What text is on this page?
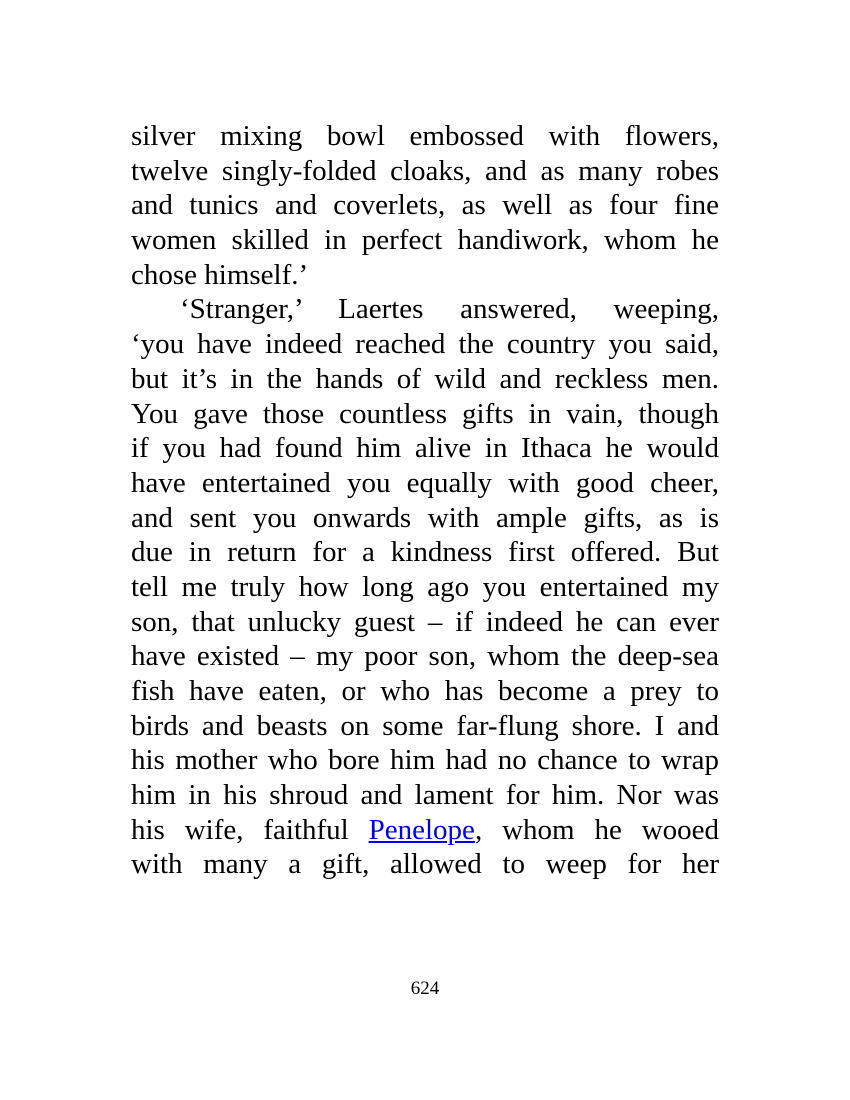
silver mixing bowl embossed with flowers,
twelve singly-folded cloaks, and as many robes
and tunics and coverlets, as well as four fine
women skilled in perfect handiwork, whom he
chose himself.’
‘Stranger,’ Laertes answered, weeping,
‘you have indeed reached the country you said,
but it’s in the hands of wild and reckless men.
You gave those countless gifts in vain, though
if you had found him alive in Ithaca he would
have entertained you equally with good cheer,
and sent you onwards with ample gifts, as is
due in return for a kindness first offered. But
tell me truly how long ago you entertained my
son, that unlucky guest – if indeed he can ever
have existed – my poor son, whom the deep-sea
fish have eaten, or who has become a prey to
birds and beasts on some far-flung shore. I and
his mother who bore him had no chance to wrap
him in his shroud and lament for him. Nor was
his wife, faithful Penelope, whom he wooed
with many a gift, allowed to weep for her
624
